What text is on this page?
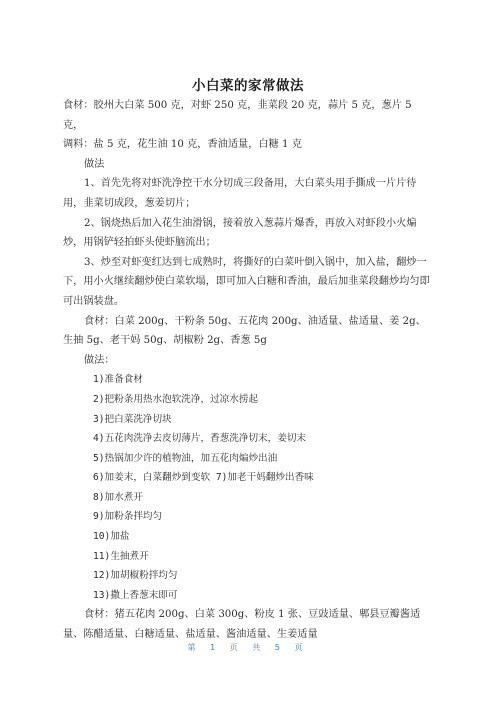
小白菜的家常做法

食材：胶州大白菜 500 克，对虾 250 克，韭菜段 20 克，蒜片 5 克，葱片 5 克，

调料：盐 5 克，花生油 10 克，香油适量，白糖 1 克

做法

1、首先先将对虾洗净控干水分切成三段备用，大白菜头用手撕成一片片待用，韭菜切成段，葱姜切片；

2、锅烧热后加入花生油滑锅，接着放入葱蒜片爆香，再放入对虾段小火煸炒，用锅铲轻拍虾头使虾脑流出；

3、炒至对虾变红达到七成熟时，将撕好的白菜叶倒入锅中，加入盐，翻炒一下，用小火继续翻炒使白菜软塌，即可加入白糖和香油，最后加韭菜段翻炒均匀即可出锅装盘。

食材：白菜 200g、干粉条 50g、五花肉 200g、油适量、盐适量、姜 2g、生抽 5g、老干妈 50g、胡椒粉 2g、香葱 5g

做法：

1)准备食材

2)把粉条用热水泡软洗净，过凉水捞起

3)把白菜洗净切块

4)五花肉洗净去皮切薄片，香葱洗净切末，姜切末

5)热锅加少许的植物油，加五花肉煸炒出油

6)加姜末，白菜翻炒到变软 7)加老干妈翻炒出香味

8)加水煮开

9)加粉条拌均匀

10)加盐

11)生抽煮开

12)加胡椒粉拌均匀

13)撒上香葱末即可

食材：猪五花肉 200g、白菜 300g、粉皮 1 张、豆豉适量、郫县豆瓣酱适量、陈醋适量、白糖适量、盐适量、酱油适量、生姜适量

第 1 页 共 5 页
